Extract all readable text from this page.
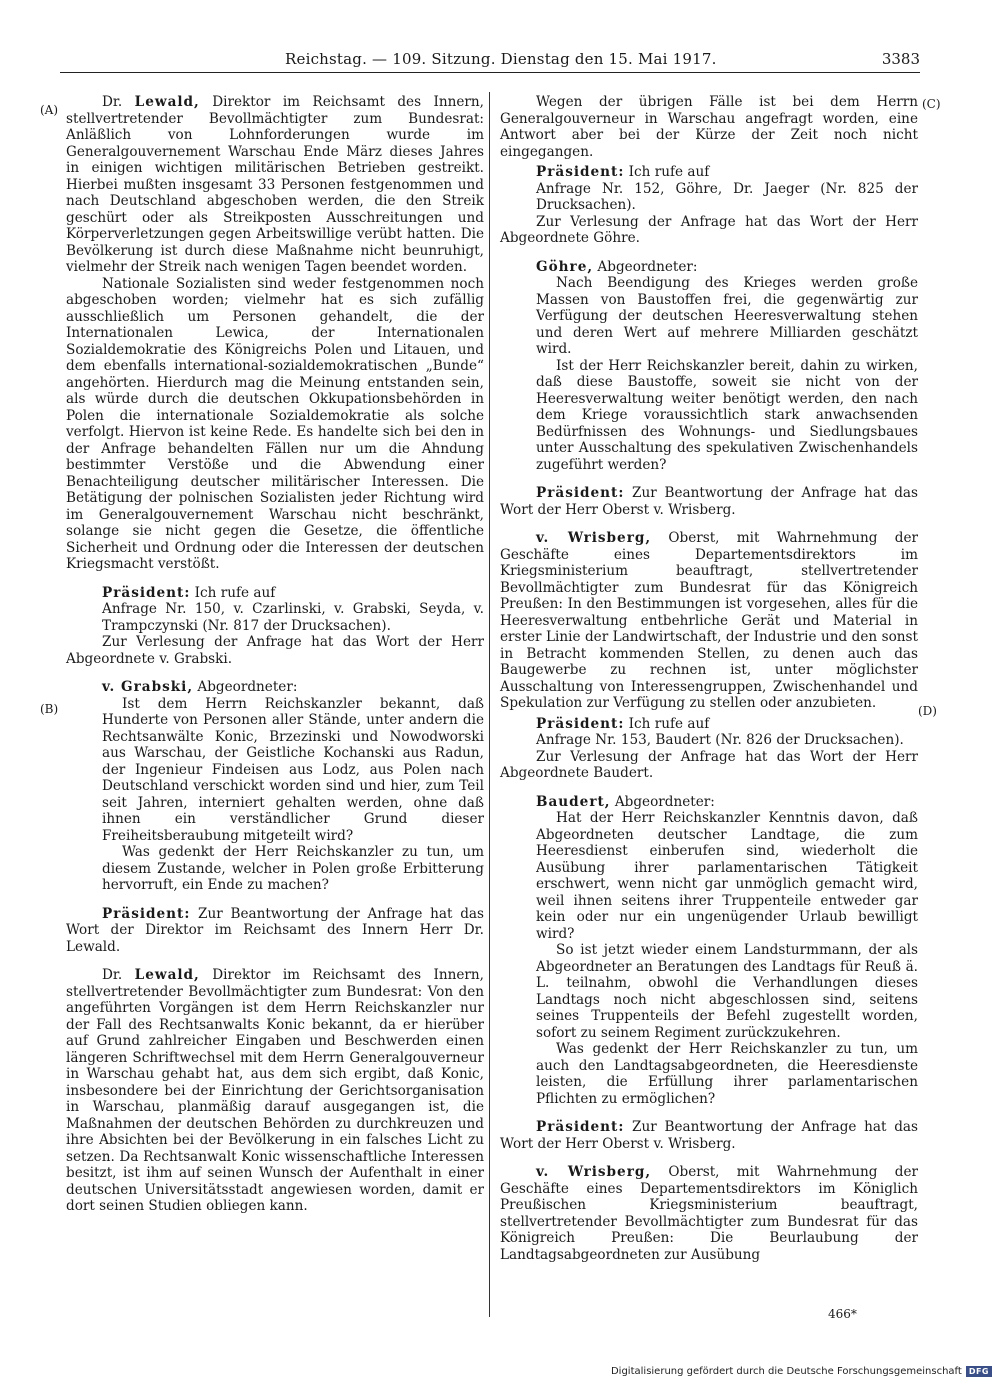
Reichstag. — 109. Sitzung. Dienstag den 15. Mai 1917.	3383
(A)
(B)
(C)
(D)

Dr. Lewald, Direktor im Reichsamt des Innern, stellvertretender Bevollmächtigter zum Bundesrat: Anläßlich von Lohnforderungen wurde im Generalgouvernement Warschau Ende März dieses Jahres in einigen wichtigen militärischen Betrieben gestreikt. Hierbei mußten insgesamt 33 Personen festgenommen und nach Deutschland abgeschoben werden, die den Streik geschürt oder als Streikposten Ausschreitungen und Körperverletzungen gegen Arbeitswillige verübt hatten. Die Bevölkerung ist durch diese Maßnahme nicht beunruhigt, vielmehr der Streik nach wenigen Tagen beendet worden.

Nationale Sozialisten sind weder festgenommen noch abgeschoben worden; vielmehr hat es sich zufällig ausschließlich um Personen gehandelt, die der Internationalen Lewica, der Internationalen Sozialdemokratie des Königreichs Polen und Litauen, und dem ebenfalls international-sozialdemokratischen „Bunde“ angehörten. Hierdurch mag die Meinung entstanden sein, als würde durch die deutschen Okkupationsbehörden in Polen die internationale Sozialdemokratie als solche verfolgt. Hiervon ist keine Rede. Es handelte sich bei den in der Anfrage behandelten Fällen nur um die Ahndung bestimmter Verstöße und die Abwendung einer Benachteiligung deutscher militärischer Interessen. Die Betätigung der polnischen Sozialisten jeder Richtung wird im Generalgouvernement Warschau nicht beschränkt, solange sie nicht gegen die Gesetze, die öffentliche Sicherheit und Ordnung oder die Interessen der deutschen Kriegsmacht verstößt.

Präsident: Ich rufe auf

Anfrage Nr. 150, v. Czarlinski, v. Grabski, Seyda, v. Trampczynski (Nr. 817 der Drucksachen).

Zur Verlesung der Anfrage hat das Wort der Herr Abgeordnete v. Grabski.

v. Grabski, Abgeordneter:

Ist dem Herrn Reichskanzler bekannt, daß Hunderte von Personen aller Stände, unter andern die Rechtsanwälte Konic, Brzezinski und Nowodworski aus Warschau, der Geistliche Kochanski aus Radun, der Ingenieur Findeisen aus Lodz, aus Polen nach Deutschland verschickt worden sind und hier, zum Teil seit Jahren, interniert gehalten werden, ohne daß ihnen ein verständlicher Grund dieser Freiheitsberaubung mitgeteilt wird?

Was gedenkt der Herr Reichskanzler zu tun, um diesem Zustande, welcher in Polen große Erbitterung hervorruft, ein Ende zu machen?

Präsident: Zur Beantwortung der Anfrage hat das Wort der Direktor im Reichsamt des Innern Herr Dr. Lewald.

Dr. Lewald, Direktor im Reichsamt des Innern, stellvertretender Bevollmächtigter zum Bundesrat: Von den angeführten Vorgängen ist dem Herrn Reichskanzler nur der Fall des Rechtsanwalts Konic bekannt, da er hierüber auf Grund zahlreicher Eingaben und Beschwerden einen längeren Schriftwechsel mit dem Herrn Generalgouverneur in Warschau gehabt hat, aus dem sich ergibt, daß Konic, insbesondere bei der Einrichtung der Gerichtsorganisation in Warschau, planmäßig darauf ausgegangen ist, die Maßnahmen der deutschen Behörden zu durchkreuzen und ihre Absichten bei der Bevölkerung in ein falsches Licht zu setzen. Da Rechtsanwalt Konic wissenschaftliche Interessen besitzt, ist ihm auf seinen Wunsch der Aufenthalt in einer deutschen Universitätsstadt angewiesen worden, damit er dort seinen Studien obliegen kann.

Wegen der übrigen Fälle ist bei dem Herrn Generalgouverneur in Warschau angefragt worden, eine Antwort aber bei der Kürze der Zeit noch nicht eingegangen.

Präsident: Ich rufe auf

Anfrage Nr. 152, Göhre, Dr. Jaeger (Nr. 825 der Drucksachen).

Zur Verlesung der Anfrage hat das Wort der Herr Abgeordnete Göhre.

Göhre, Abgeordneter:

Nach Beendigung des Krieges werden große Massen von Baustoffen frei, die gegenwärtig zur Verfügung der deutschen Heeresverwaltung stehen und deren Wert auf mehrere Milliarden geschätzt wird.

Ist der Herr Reichskanzler bereit, dahin zu wirken, daß diese Baustoffe, soweit sie nicht von der Heeresverwaltung weiter benötigt werden, den nach dem Kriege voraussichtlich stark anwachsenden Bedürfnissen des Wohnungs- und Siedlungsbaues unter Ausschaltung des spekulativen Zwischenhandels zugeführt werden?

Präsident: Zur Beantwortung der Anfrage hat das Wort der Herr Oberst v. Wrisberg.

v. Wrisberg, Oberst, mit Wahrnehmung der Geschäfte eines Departementsdirektors im Kriegsministerium beauftragt, stellvertretender Bevollmächtigter zum Bundesrat für das Königreich Preußen: In den Bestimmungen ist vorgesehen, alles für die Heeresverwaltung entbehrliche Gerät und Material in erster Linie der Landwirtschaft, der Industrie und den sonst in Betracht kommenden Stellen, zu denen auch das Baugewerbe zu rechnen ist, unter möglichster Ausschaltung von Interessengruppen, Zwischenhandel und Spekulation zur Verfügung zu stellen oder anzubieten.

Präsident: Ich rufe auf

Anfrage Nr. 153, Baudert (Nr. 826 der Drucksachen).

Zur Verlesung der Anfrage hat das Wort der Herr Abgeordnete Baudert.

Baudert, Abgeordneter:

Hat der Herr Reichskanzler Kenntnis davon, daß Abgeordneten deutscher Landtage, die zum Heeresdienst einberufen sind, wiederholt die Ausübung ihrer parlamentarischen Tätigkeit erschwert, wenn nicht gar unmöglich gemacht wird, weil ihnen seitens ihrer Truppenteile entweder gar kein oder nur ein ungenügender Urlaub bewilligt wird?

So ist jetzt wieder einem Landsturmmann, der als Abgeordneter an Beratungen des Landtags für Reuß ä. L. teilnahm, obwohl die Verhandlungen dieses Landtags noch nicht abgeschlossen sind, seitens seines Truppenteils der Befehl zugestellt worden, sofort zu seinem Regiment zurückzukehren.

Was gedenkt der Herr Reichskanzler zu tun, um auch den Landtagsabgeordneten, die Heeresdienste leisten, die Erfüllung ihrer parlamentarischen Pflichten zu ermöglichen?

Präsident: Zur Beantwortung der Anfrage hat das Wort der Herr Oberst v. Wrisberg.

v. Wrisberg, Oberst, mit Wahrnehmung der Geschäfte eines Departementsdirektors im Königlich Preußischen Kriegsministerium beauftragt, stellvertretender Bevollmächtigter zum Bundesrat für das Königreich Preußen: Die Beurlaubung der Landtagsabgeordneten zur Ausübung

466*
Digitalisierung gefördert durch die Deutsche Forschungsgemeinschaft DFG
